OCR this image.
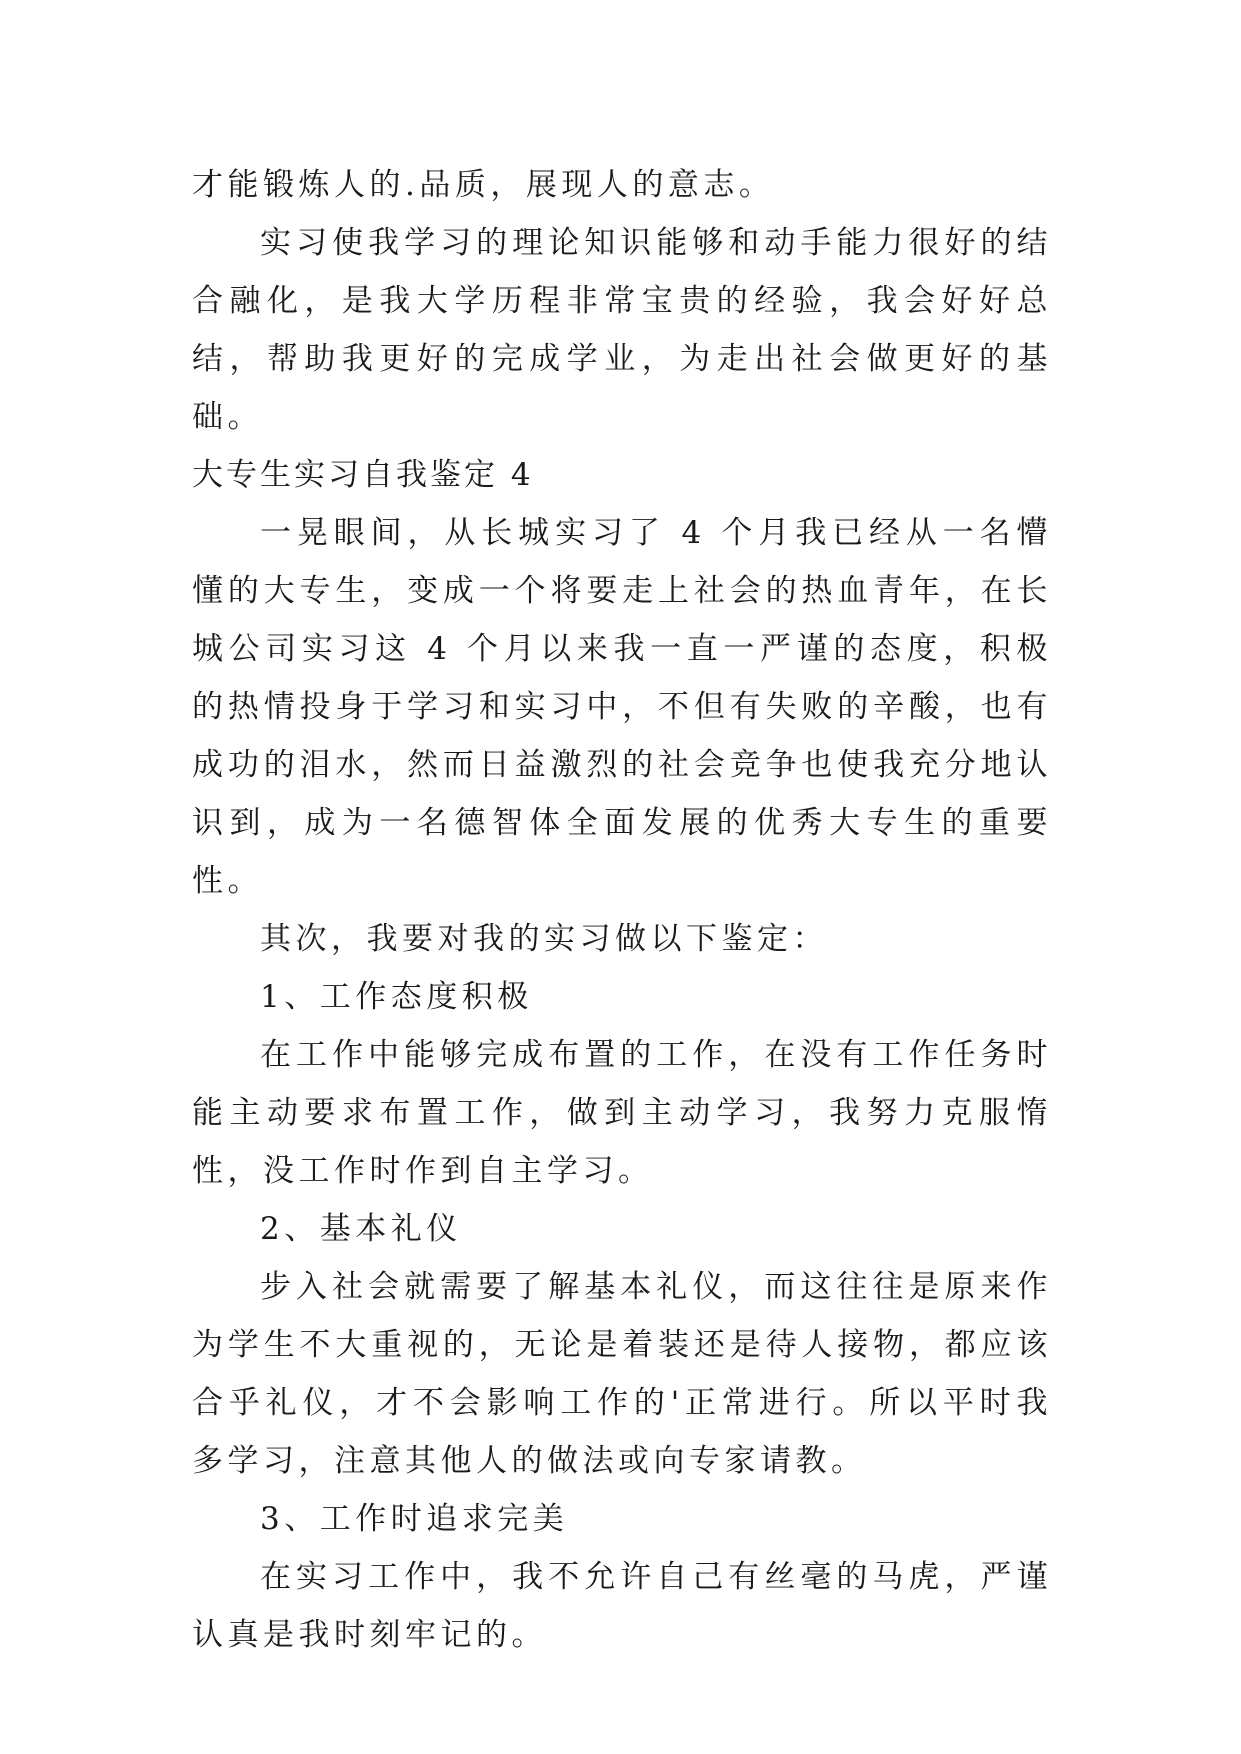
才能锻炼人的.品质，展现人的意志。

实习使我学习的理论知识能够和动手能力很好的结合融化，是我大学历程非常宝贵的经验，我会好好总结，帮助我更好的完成学业，为走出社会做更好的基础。

大专生实习自我鉴定 4

一晃眼间，从长城实习了 4 个月我已经从一名懵懂的大专生，变成一个将要走上社会的热血青年，在长城公司实习这 4 个月以来我一直一严谨的态度，积极的热情投身于学习和实习中，不但有失败的辛酸，也有成功的泪水，然而日益激烈的社会竞争也使我充分地认识到，成为一名德智体全面发展的优秀大专生的重要性。

其次，我要对我的实习做以下鉴定：

1、工作态度积极

在工作中能够完成布置的工作，在没有工作任务时能主动要求布置工作，做到主动学习，我努力克服惰性，没工作时作到自主学习。

2、基本礼仪

步入社会就需要了解基本礼仪，而这往往是原来作为学生不大重视的，无论是着装还是待人接物，都应该合乎礼仪，才不会影响工作的'正常进行。所以平时我多学习，注意其他人的做法或向专家请教。

3、工作时追求完美

在实习工作中，我不允许自己有丝毫的马虎，严谨认真是我时刻牢记的。
